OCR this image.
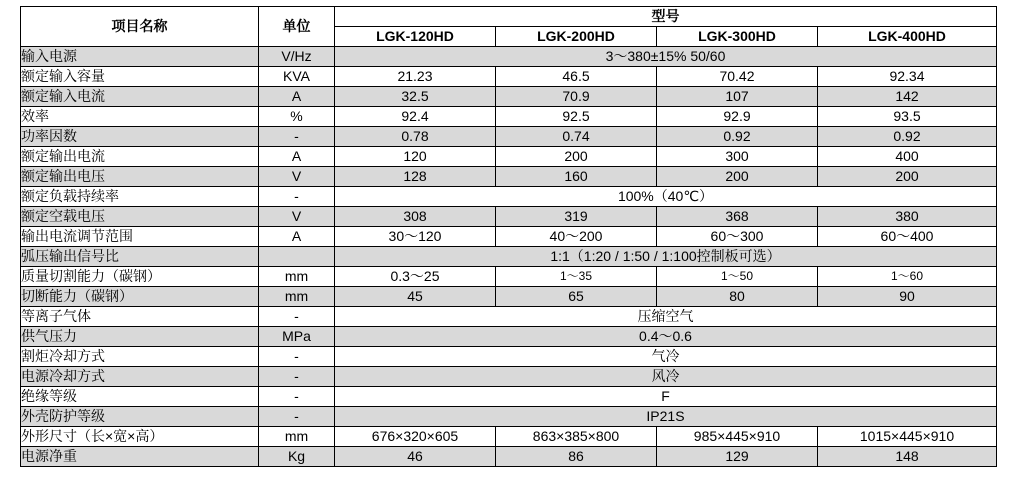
项目名称	单位	型号			
		LGK-120HD	LGK-200HD	LGK-300HD	LGK-400HD
输入电源	V/Hz	3～380±15% 50/60			
额定输入容量	KVA	21.23	46.5	70.42	92.34
额定输入电流	A	32.5	70.9	107	142
效率	%	92.4	92.5	92.9	93.5
功率因数	-	0.78	0.74	0.92	0.92
额定输出电流	A	120	200	300	400
额定输出电压	V	128	160	200	200
额定负载持续率	-	100%（40℃）			
额定空载电压	V	308	319	368	380
输出电流调节范围	A	30～120	40～200	60～300	60～400
弧压输出信号比		1:1（1:20 / 1:50 / 1:100控制板可选）			
质量切割能力（碳钢）	mm	0.3～25	1～35	1～50	1～60
切断能力（碳钢）	mm	45	65	80	90
等离子气体	-	压缩空气			
供气压力	MPa	0.4～0.6			
割炬冷却方式	-	气冷			
电源冷却方式	-	风冷			
绝缘等级	-	F			
外壳防护等级	-	IP21S			
外形尺寸（长×宽×高）	mm	676×320×605	863×385×800	985×445×910	1015×445×910
电源净重	Kg	46	86	129	148
